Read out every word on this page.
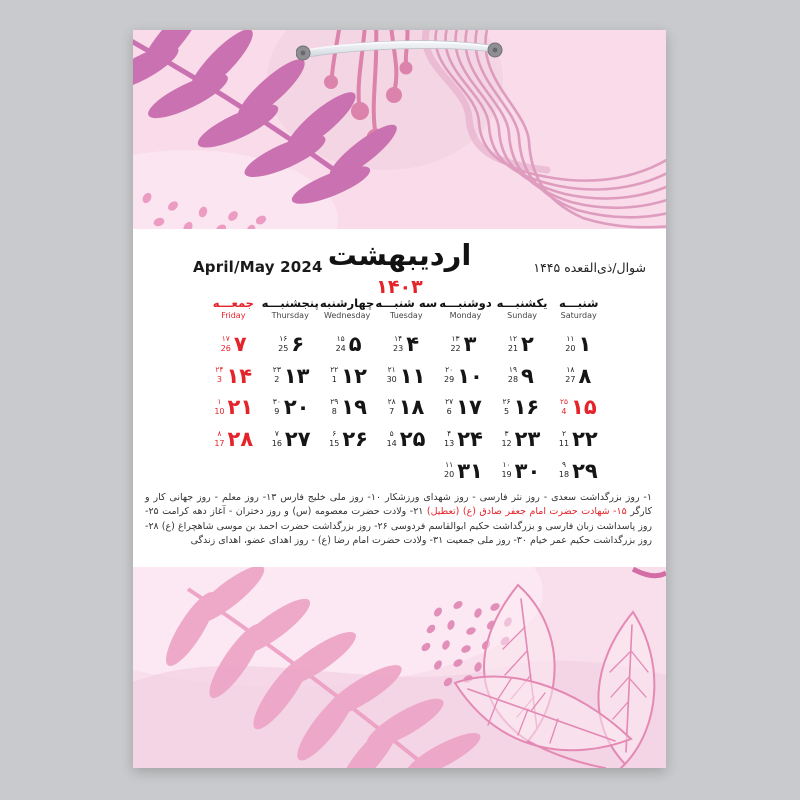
April/May 2024 اردیبهشت
۱۴۰۳
شوال/ذی‌القعده ۱۴۴۵
شنبـــه
Saturday
یکشنبـــه
Sunday
دوشنبـــه
Monday
سه شنبـــه
Tuesday
چهارشنبه
Wednesday
پنجشنبـــه
Thursday
جمعـــه
Friday
۱
۱۱
20
۲
۱۲
21
۳
۱۳
22
۴
۱۴
23
۵
۱۵
24
۶
۱۶
25
۷
۱۷
26
۸
۱۸
27
۹
۱۹
28
۱۰
۲۰
29
۱۱
۲۱
30
۱۲
۲۲
1
۱۳
۲۳
2
۱۴
۲۴
3
۱۵
۲۵
4
۱۶
۲۶
5
۱۷
۲۷
6
۱۸
۲۸
7
۱۹
۲۹
8
۲۰
۳۰
9
۲۱
۱
10
۲۲
۲
11
۲۳
۳
12
۲۴
۴
13
۲۵
۵
14
۲۶
۶
15
۲۷
۷
16
۲۸
۸
17
۲۹
۹
18
۳۰
۱۰
19
۳۱
۱۱
20
۱- روز بزرگداشت سعدی - روز نثر فارسی - روز شهدای ورزشکار ۱۰- روز ملی خلیج فارس ۱۳- روز معلم - روز جهانی کار و کارگر ۱۵- شهادت حضرت امام جعفر صادق (ع) (تعطیل) ۲۱- ولادت حضرت معصومه (س) و روز دختران - آغاز دهه کرامت ۲۵- روز پاسداشت زبان فارسی و بزرگداشت حکیم ابوالقاسم فردوسی ۲۶- روز بزرگداشت حضرت احمد بن موسی شاهچراغ (ع) ۲۸- روز بزرگداشت حکیم عمر خیام ۳۰- روز ملی جمعیت ۳۱- ولادت حضرت امام رضا (ع) - روز اهدای عضو، اهدای زندگی
